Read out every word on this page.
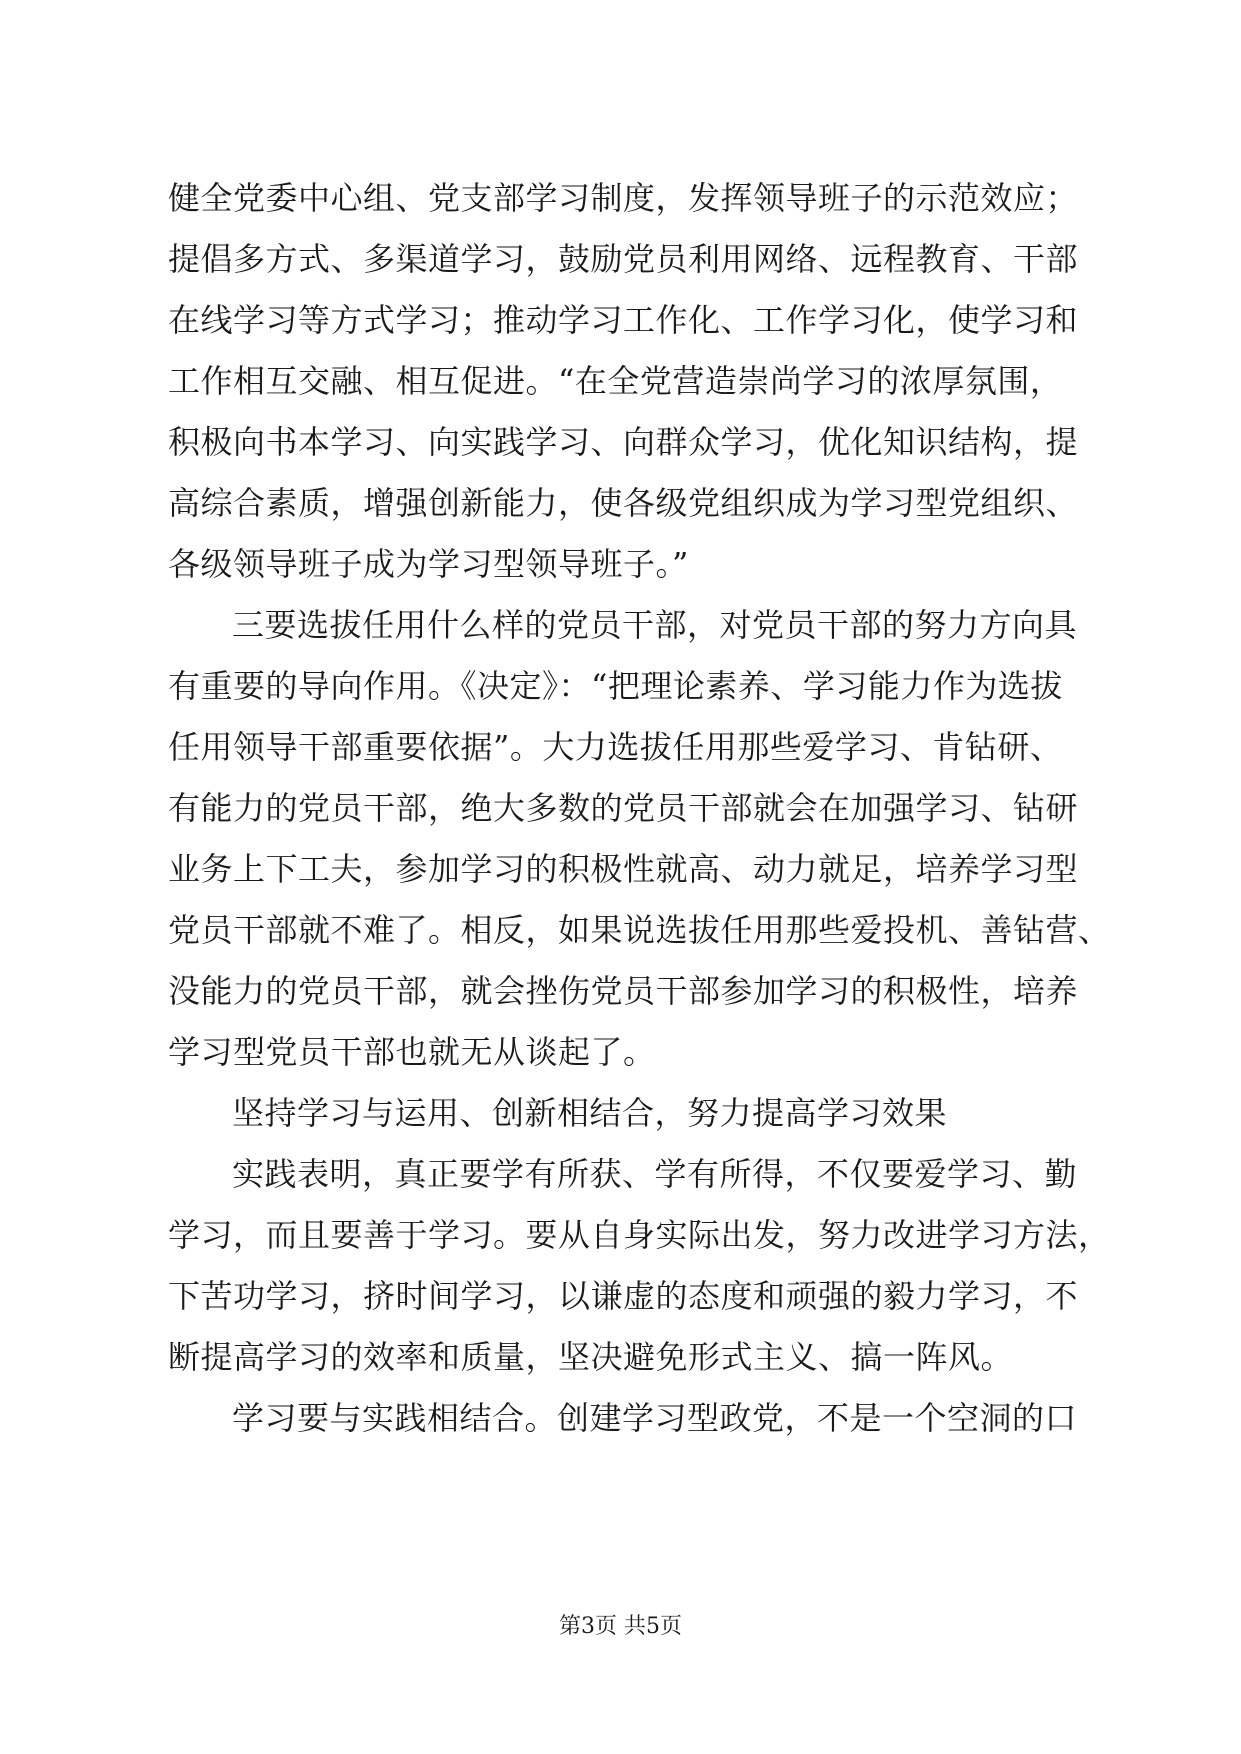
健全党委中心组、党支部学习制度，发挥领导班子的示范效应；
提倡多方式、多渠道学习，鼓励党员利用网络、远程教育、干部
在线学习等方式学习；推动学习工作化、工作学习化，使学习和
工作相互交融、相互促进。“在全党营造崇尚学习的浓厚氛围，
积极向书本学习、向实践学习、向群众学习，优化知识结构，提
高综合素质，增强创新能力，使各级党组织成为学习型党组织、
各级领导班子成为学习型领导班子。”
三要选拔任用什么样的党员干部，对党员干部的努力方向具
有重要的导向作用。《决定》：“把理论素养、学习能力作为选拔
任用领导干部重要依据”。大力选拔任用那些爱学习、肯钻研、
有能力的党员干部，绝大多数的党员干部就会在加强学习、钻研
业务上下工夫，参加学习的积极性就高、动力就足，培养学习型
党员干部就不难了。相反，如果说选拔任用那些爱投机、善钻营、
没能力的党员干部，就会挫伤党员干部参加学习的积极性，培养
学习型党员干部也就无从谈起了。
坚持学习与运用、创新相结合，努力提高学习效果
实践表明，真正要学有所获、学有所得，不仅要爱学习、勤
学习，而且要善于学习。要从自身实际出发，努力改进学习方法，
下苦功学习，挤时间学习，以谦虚的态度和顽强的毅力学习，不
断提高学习的效率和质量，坚决避免形式主义、搞一阵风。
学习要与实践相结合。创建学习型政党，不是一个空洞的口
第3页 共5页
